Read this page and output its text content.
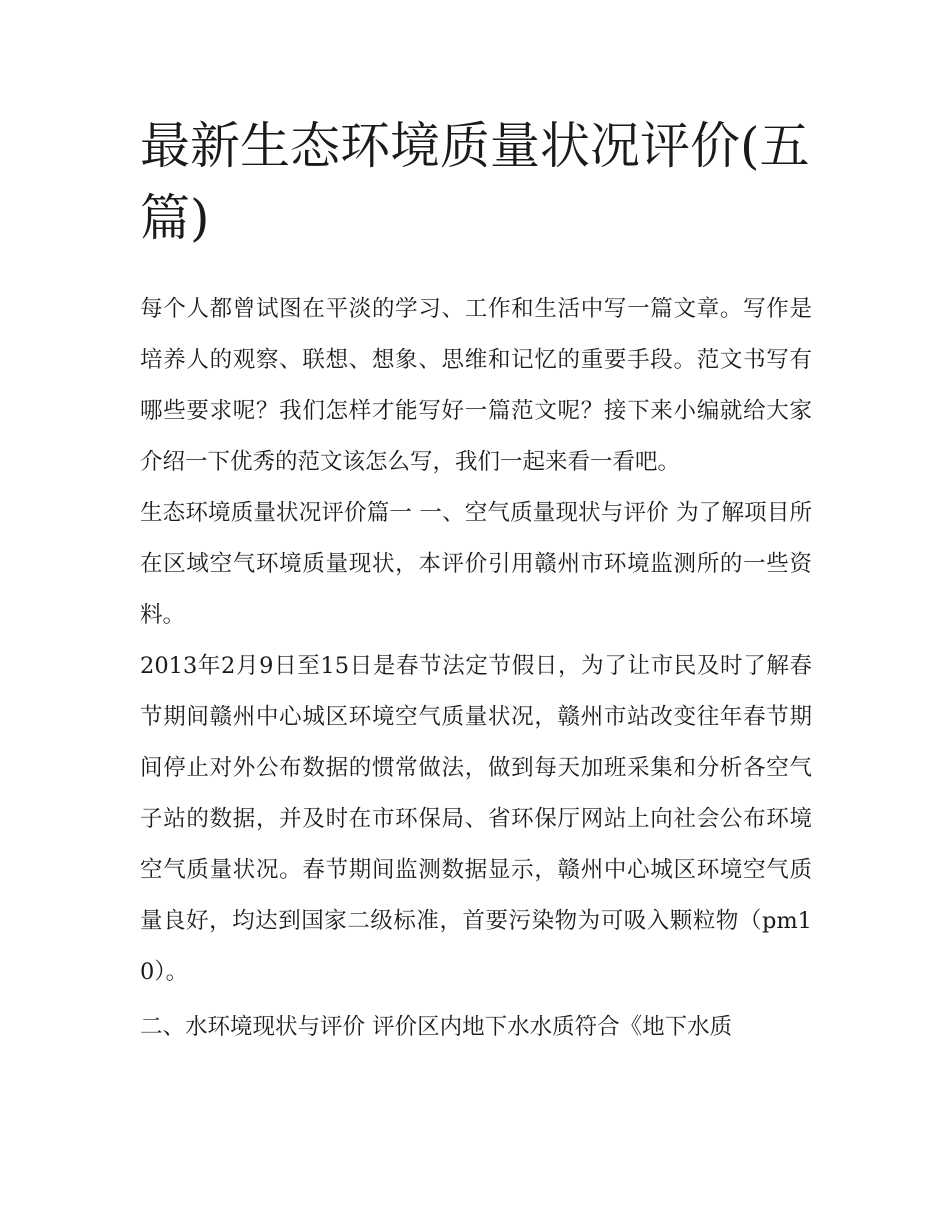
最新生态环境质量状况评价(五篇)

每个人都曾试图在平淡的学习、工作和生活中写一篇文章。写作是培养人的观察、联想、想象、思维和记忆的重要手段。范文书写有哪些要求呢？我们怎样才能写好一篇范文呢？接下来小编就给大家介绍一下优秀的范文该怎么写，我们一起来看一看吧。

生态环境质量状况评价篇一 一、空气质量现状与评价 为了解项目所在区域空气环境质量现状，本评价引用赣州市环境监测所的一些资料。

2013年2月9日至15日是春节法定节假日，为了让市民及时了解春节期间赣州中心城区环境空气质量状况，赣州市站改变往年春节期间停止对外公布数据的惯常做法，做到每天加班采集和分析各空气子站的数据，并及时在市环保局、省环保厅网站上向社会公布环境空气质量状况。春节期间监测数据显示，赣州中心城区环境空气质量良好，均达到国家二级标准，首要污染物为可吸入颗粒物（pm10）。

二、水环境现状与评价 评价区内地下水水质符合《地下水质
